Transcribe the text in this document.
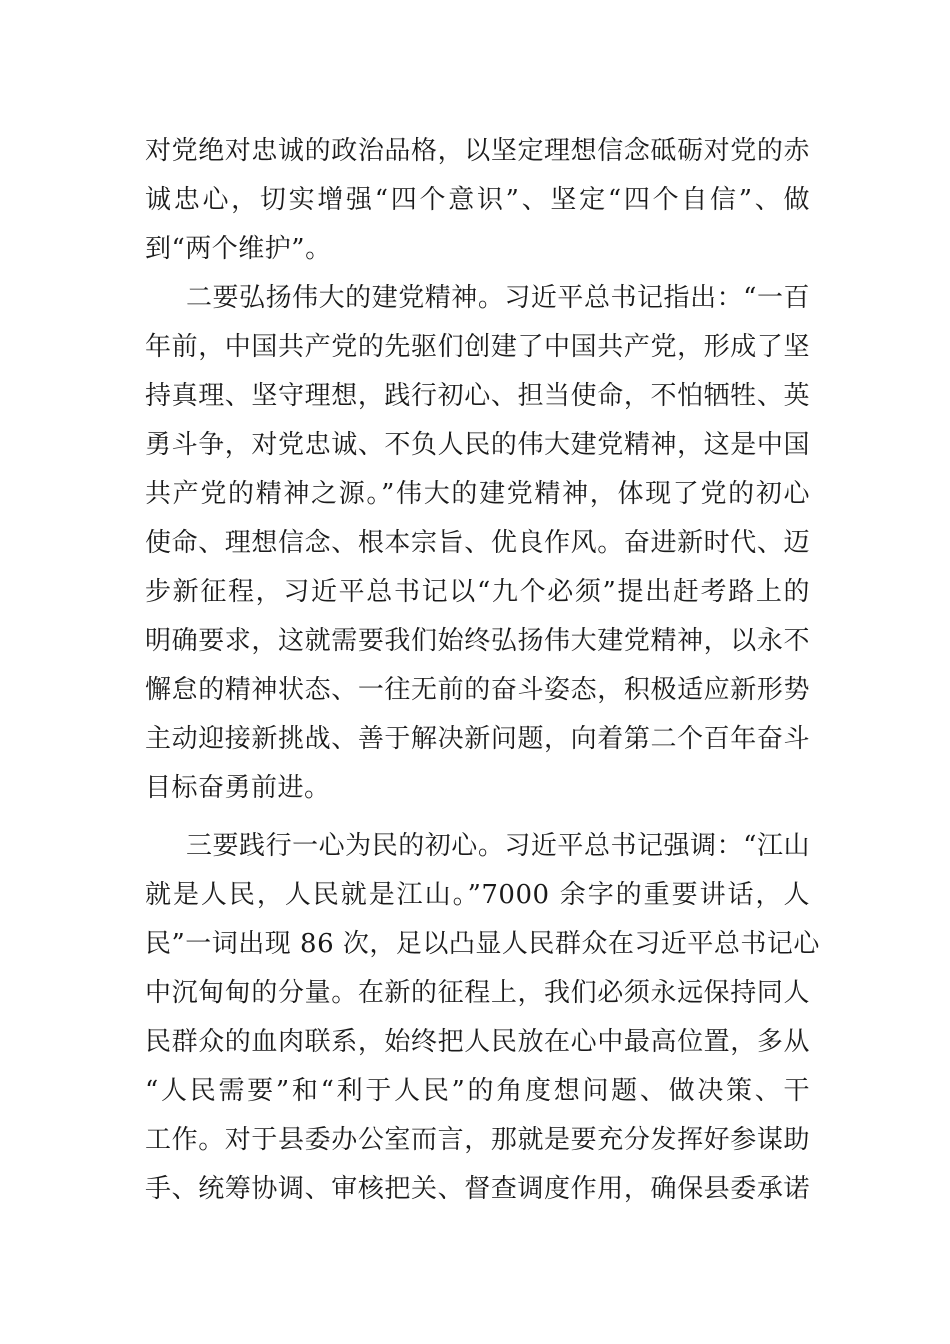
对党绝对忠诚的政治品格，以坚定理想信念砥砺对党的赤
诚忠心，切实增强“四个意识”、坚定“四个自信”、做
到“两个维护”。
二要弘扬伟大的建党精神。习近平总书记指出：“一百
年前，中国共产党的先驱们创建了中国共产党，形成了坚
持真理、坚守理想，践行初心、担当使命，不怕牺牲、英
勇斗争，对党忠诚、不负人民的伟大建党精神，这是中国
共产党的精神之源。”伟大的建党精神，体现了党的初心
使命、理想信念、根本宗旨、优良作风。奋进新时代、迈
步新征程，习近平总书记以“九个必须”提出赶考路上的
明确要求，这就需要我们始终弘扬伟大建党精神，以永不
懈怠的精神状态、一往无前的奋斗姿态，积极适应新形势
主动迎接新挑战、善于解决新问题，向着第二个百年奋斗
目标奋勇前进。
三要践行一心为民的初心。习近平总书记强调：“江山
就是人民，人民就是江山。”7000 余字的重要讲话，人
民”一词出现 86 次，足以凸显人民群众在习近平总书记心
中沉甸甸的分量。在新的征程上，我们必须永远保持同人
民群众的血肉联系，始终把人民放在心中最高位置，多从
“人民需要”和“利于人民”的角度想问题、做决策、干
工作。对于县委办公室而言，那就是要充分发挥好参谋助
手、统筹协调、审核把关、督查调度作用，确保县委承诺
